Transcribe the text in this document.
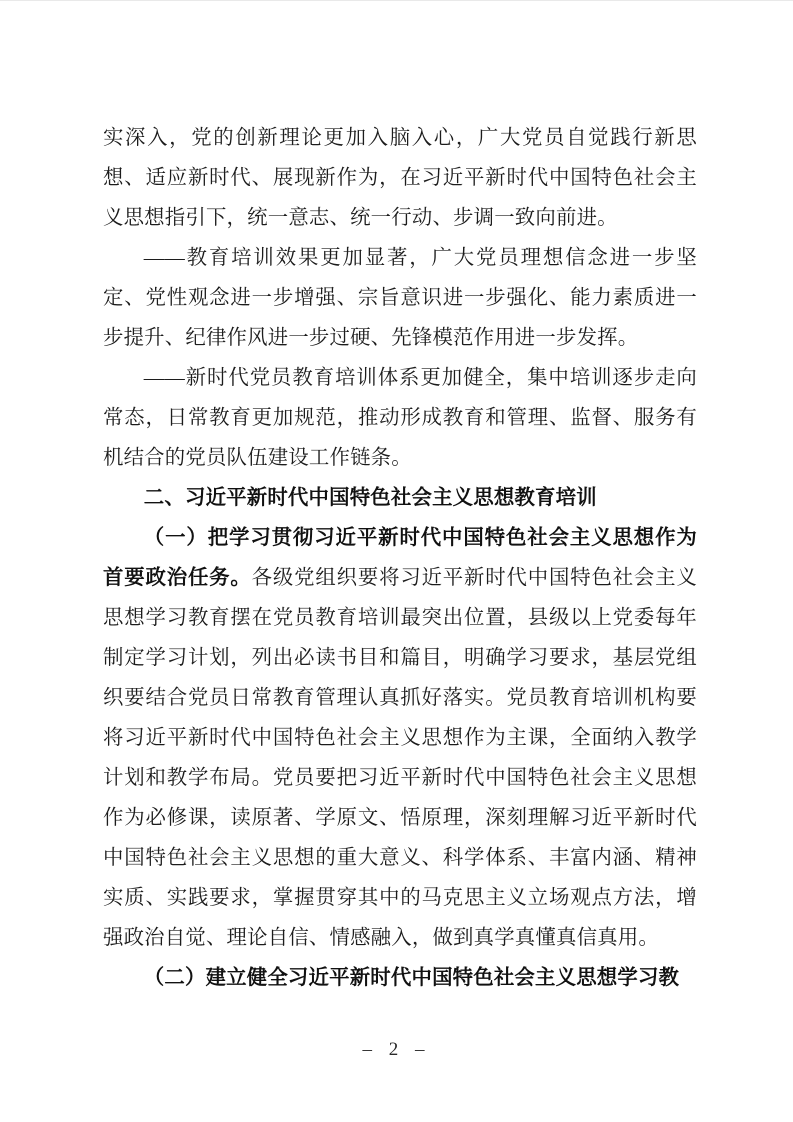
实深入，党的创新理论更加入脑入心，广大党员自觉践行新思想、适应新时代、展现新作为，在习近平新时代中国特色社会主义思想指引下，统一意志、统一行动、步调一致向前进。

——教育培训效果更加显著，广大党员理想信念进一步坚定、党性观念进一步增强、宗旨意识进一步强化、能力素质进一步提升、纪律作风进一步过硬、先锋模范作用进一步发挥。

——新时代党员教育培训体系更加健全，集中培训逐步走向常态，日常教育更加规范，推动形成教育和管理、监督、服务有机结合的党员队伍建设工作链条。

二、习近平新时代中国特色社会主义思想教育培训

（一）把学习贯彻习近平新时代中国特色社会主义思想作为首要政治任务。各级党组织要将习近平新时代中国特色社会主义思想学习教育摆在党员教育培训最突出位置，县级以上党委每年制定学习计划，列出必读书目和篇目，明确学习要求，基层党组织要结合党员日常教育管理认真抓好落实。党员教育培训机构要将习近平新时代中国特色社会主义思想作为主课，全面纳入教学计划和教学布局。党员要把习近平新时代中国特色社会主义思想作为必修课，读原著、学原文、悟原理，深刻理解习近平新时代中国特色社会主义思想的重大意义、科学体系、丰富内涵、精神实质、实践要求，掌握贯穿其中的马克思主义立场观点方法，增强政治自觉、理论自信、情感融入，做到真学真懂真信真用。

（二）建立健全习近平新时代中国特色社会主义思想学习教

– 2 –
